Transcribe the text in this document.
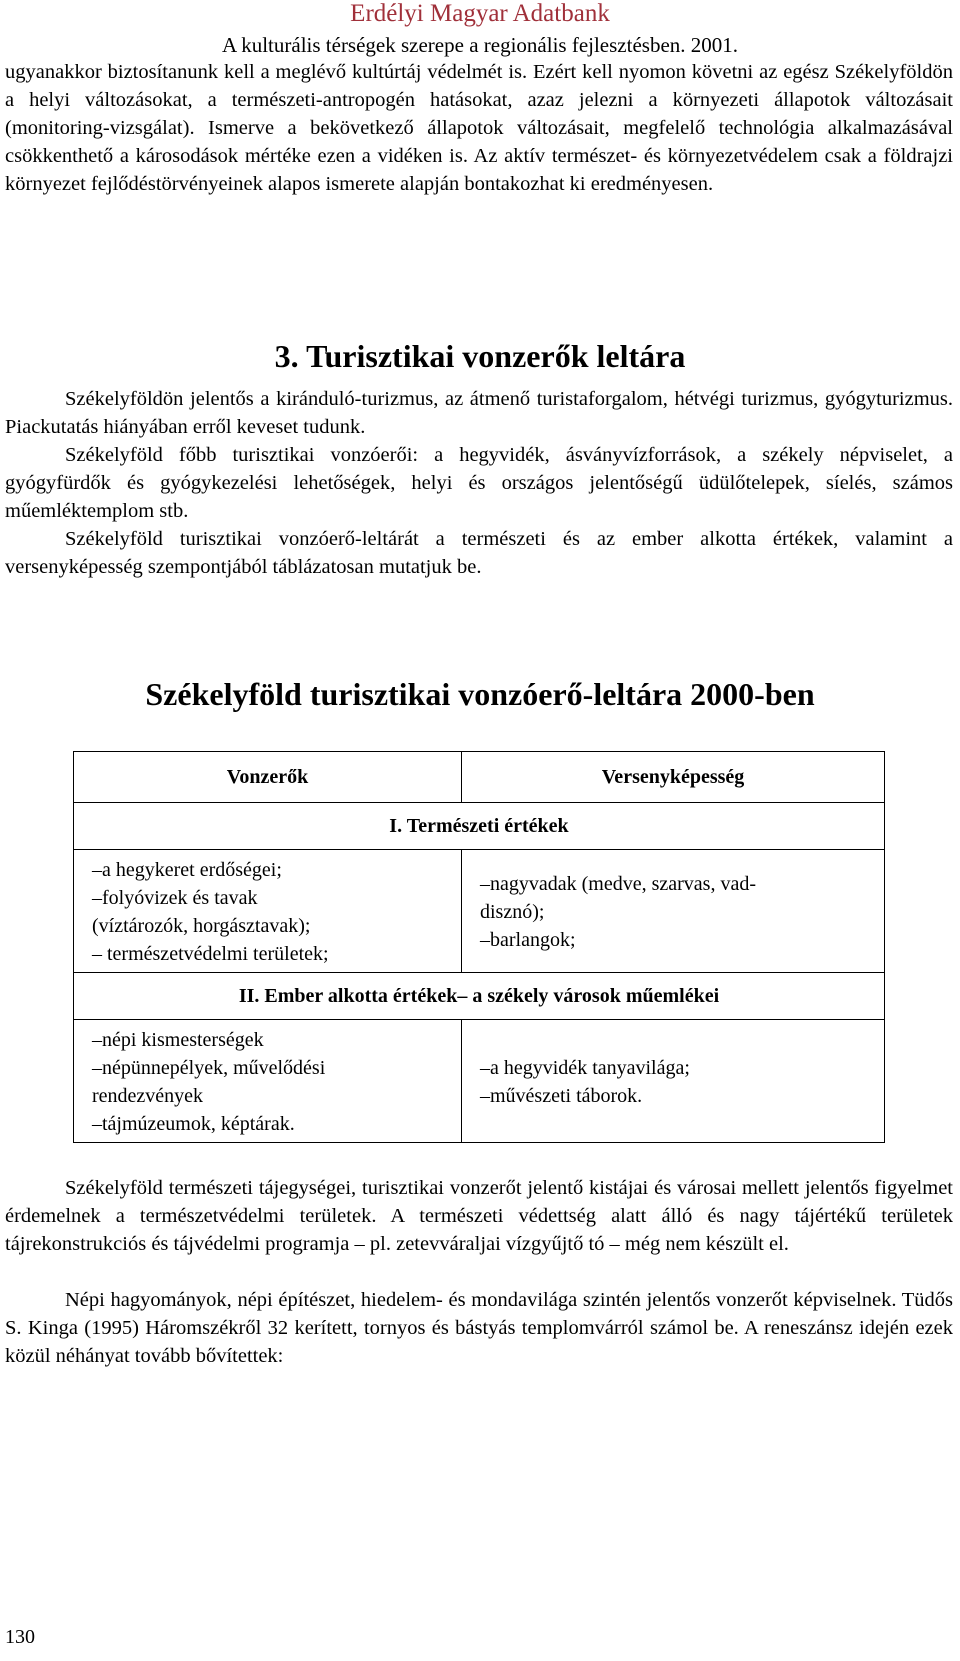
Erdélyi Magyar Adatbank
A kulturális térségek szerepe a regionális fejlesztésben. 2001.

ugyanakkor biztosítanunk kell a meglévő kultúrtáj védelmét is. Ezért kell nyomon követni az egész Székelyföldön a helyi változásokat, a természeti-antropogén hatásokat, azaz jelezni a környezeti állapotok változásait (monitoring-vizsgálat). Ismerve a bekövetkező állapotok változásait, megfelelő technológia alkalmazásával csökkenthető a károsodások mértéke ezen a vidéken is. Az aktív természet- és környezetvédelem csak a földrajzi környezet fejlődéstörvényeinek alapos ismerete alapján bontakozhat ki eredményesen.

3. Turisztikai vonzerők leltára

Székelyföldön jelentős a kiránduló-turizmus, az átmenő turistaforgalom, hétvégi turizmus, gyógyturizmus. Piackutatás hiányában erről keveset tudunk.

Székelyföld főbb turisztikai vonzóerői: a hegyvidék, ásványvízforrások, a székely népviselet, a gyógyfürdők és gyógykezelési lehetőségek, helyi és országos jelentőségű üdülőtelepek, síelés, számos műemléktemplom stb.

Székelyföld turisztikai vonzóerő-leltárát a természeti és az ember alkotta értékek, valamint a versenyképesség szempontjából táblázatosan mutatjuk be.

Székelyföld turisztikai vonzóerő-leltára 2000-ben
Vonzerők	Versenyképesség
I. Természeti értékek	

–a hegykeret erdőségei;
–folyóvizek és tavak
(víztározók, horgásztavak);
– természetvédelmi területek;	–nagyvadak (medve, szarvas, vad-
disznó);
–barlangok;

II. Ember alkotta értékek– a székely városok műemlékei	

–népi kismesterségek
–népünnepélyek, művelődési
rendezvények
–tájmúzeumok, képtárak.	–a hegyvidék tanyavilága;
–művészeti táborok.

Székelyföld természeti tájegységei, turisztikai vonzerőt jelentő kistájai és városai mellett jelentős figyelmet érdemelnek a természetvédelmi területek. A természeti védettség alatt álló és nagy tájértékű területek tájrekonstrukciós és tájvédelmi programja – pl. zetevváraljai vízgyűjtő tó – még nem készült el.

Népi hagyományok, népi építészet, hiedelem- és mondavilága szintén jelentős vonzerőt képviselnek. Tüdős S. Kinga (1995) Háromszékről 32 kerített, tornyos és bástyás templomvárról számol be. A reneszánsz idején ezek közül néhányat tovább bővítettek:

130
